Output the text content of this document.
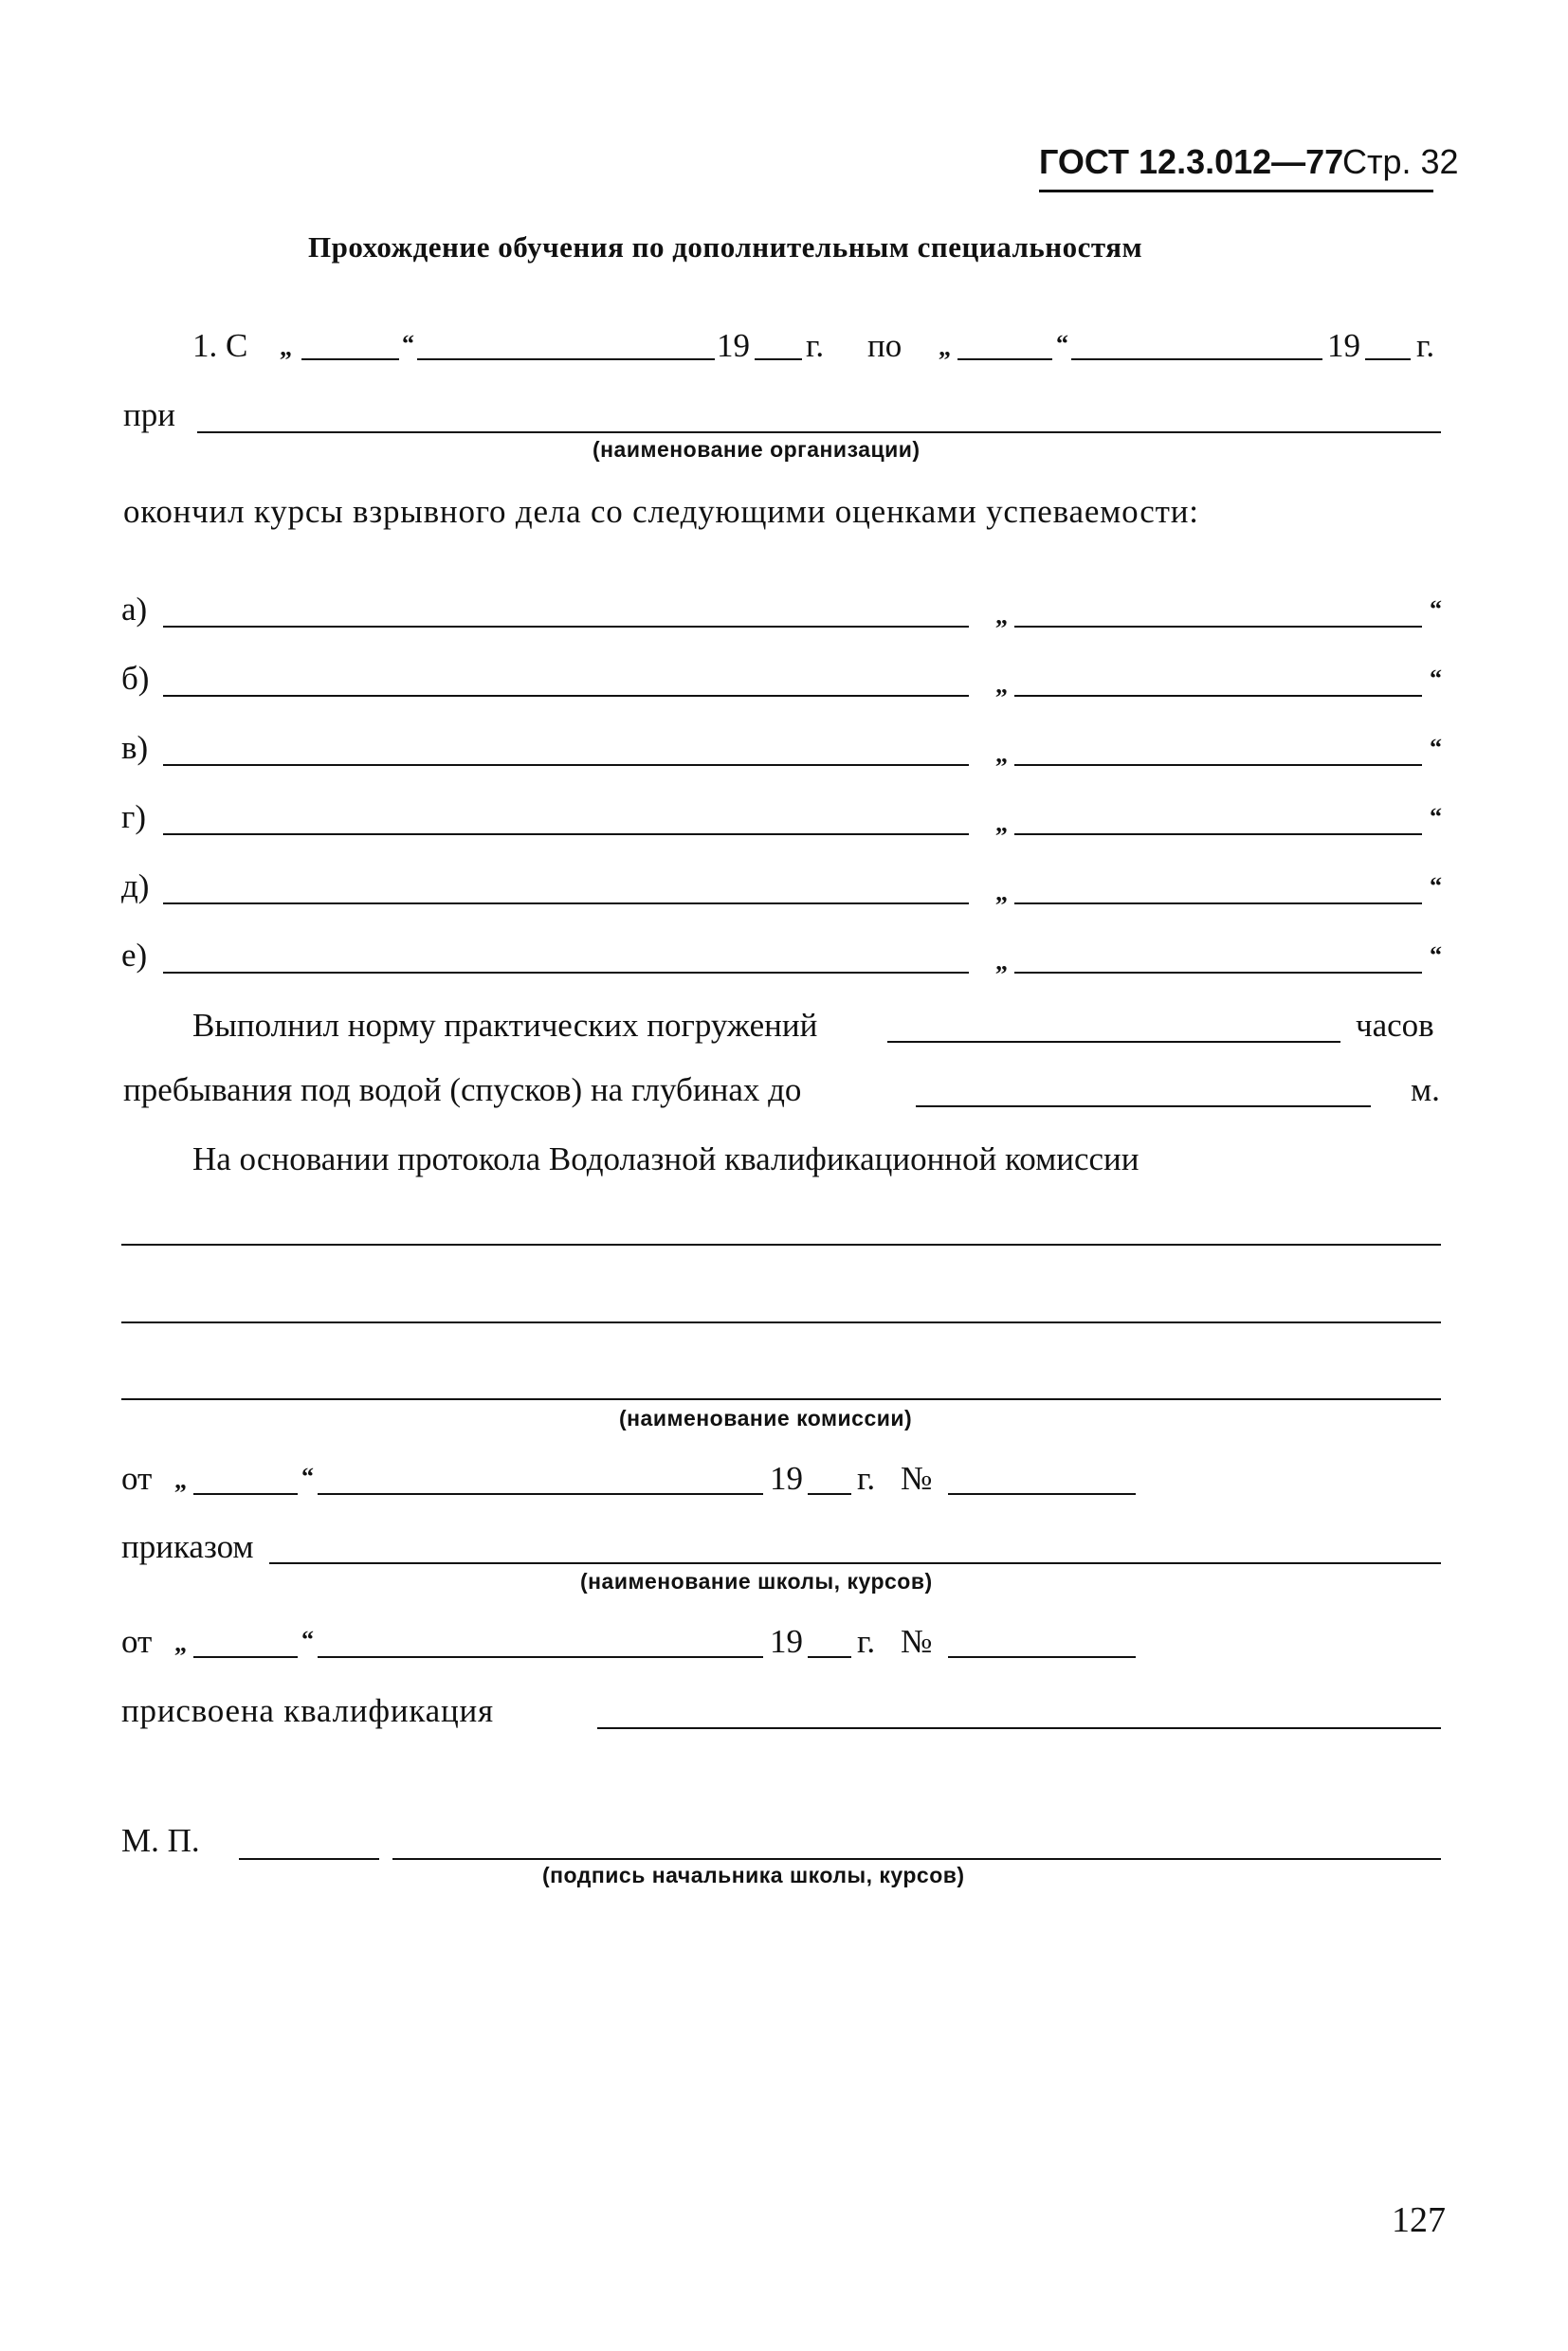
ГОСТ 12.3.012—77
Стр. 32
Прохождение обучения по дополнительным специальностям
1. С „	“	19 г. по „	“	19 г.
при
(наименование организации)
окончил курсы взрывного дела со следующими оценками успеваемости:
а)	„	“
б)	„	“
в)	„	“
г)	„	“
д)	„	“
е)	„	“
Выполнил норму практических погружений	часов
пребывания под водой (спусков) на глубинах до	м.
На основании протокола Водолазной квалификационной комиссии
(наименование комиссии)
от „	“	19 г. №
приказом
(наименование школы, курсов)
от „	“	19 г. №
присвоена квалификация
М. П.
(подпись начальника школы, курсов)
127
